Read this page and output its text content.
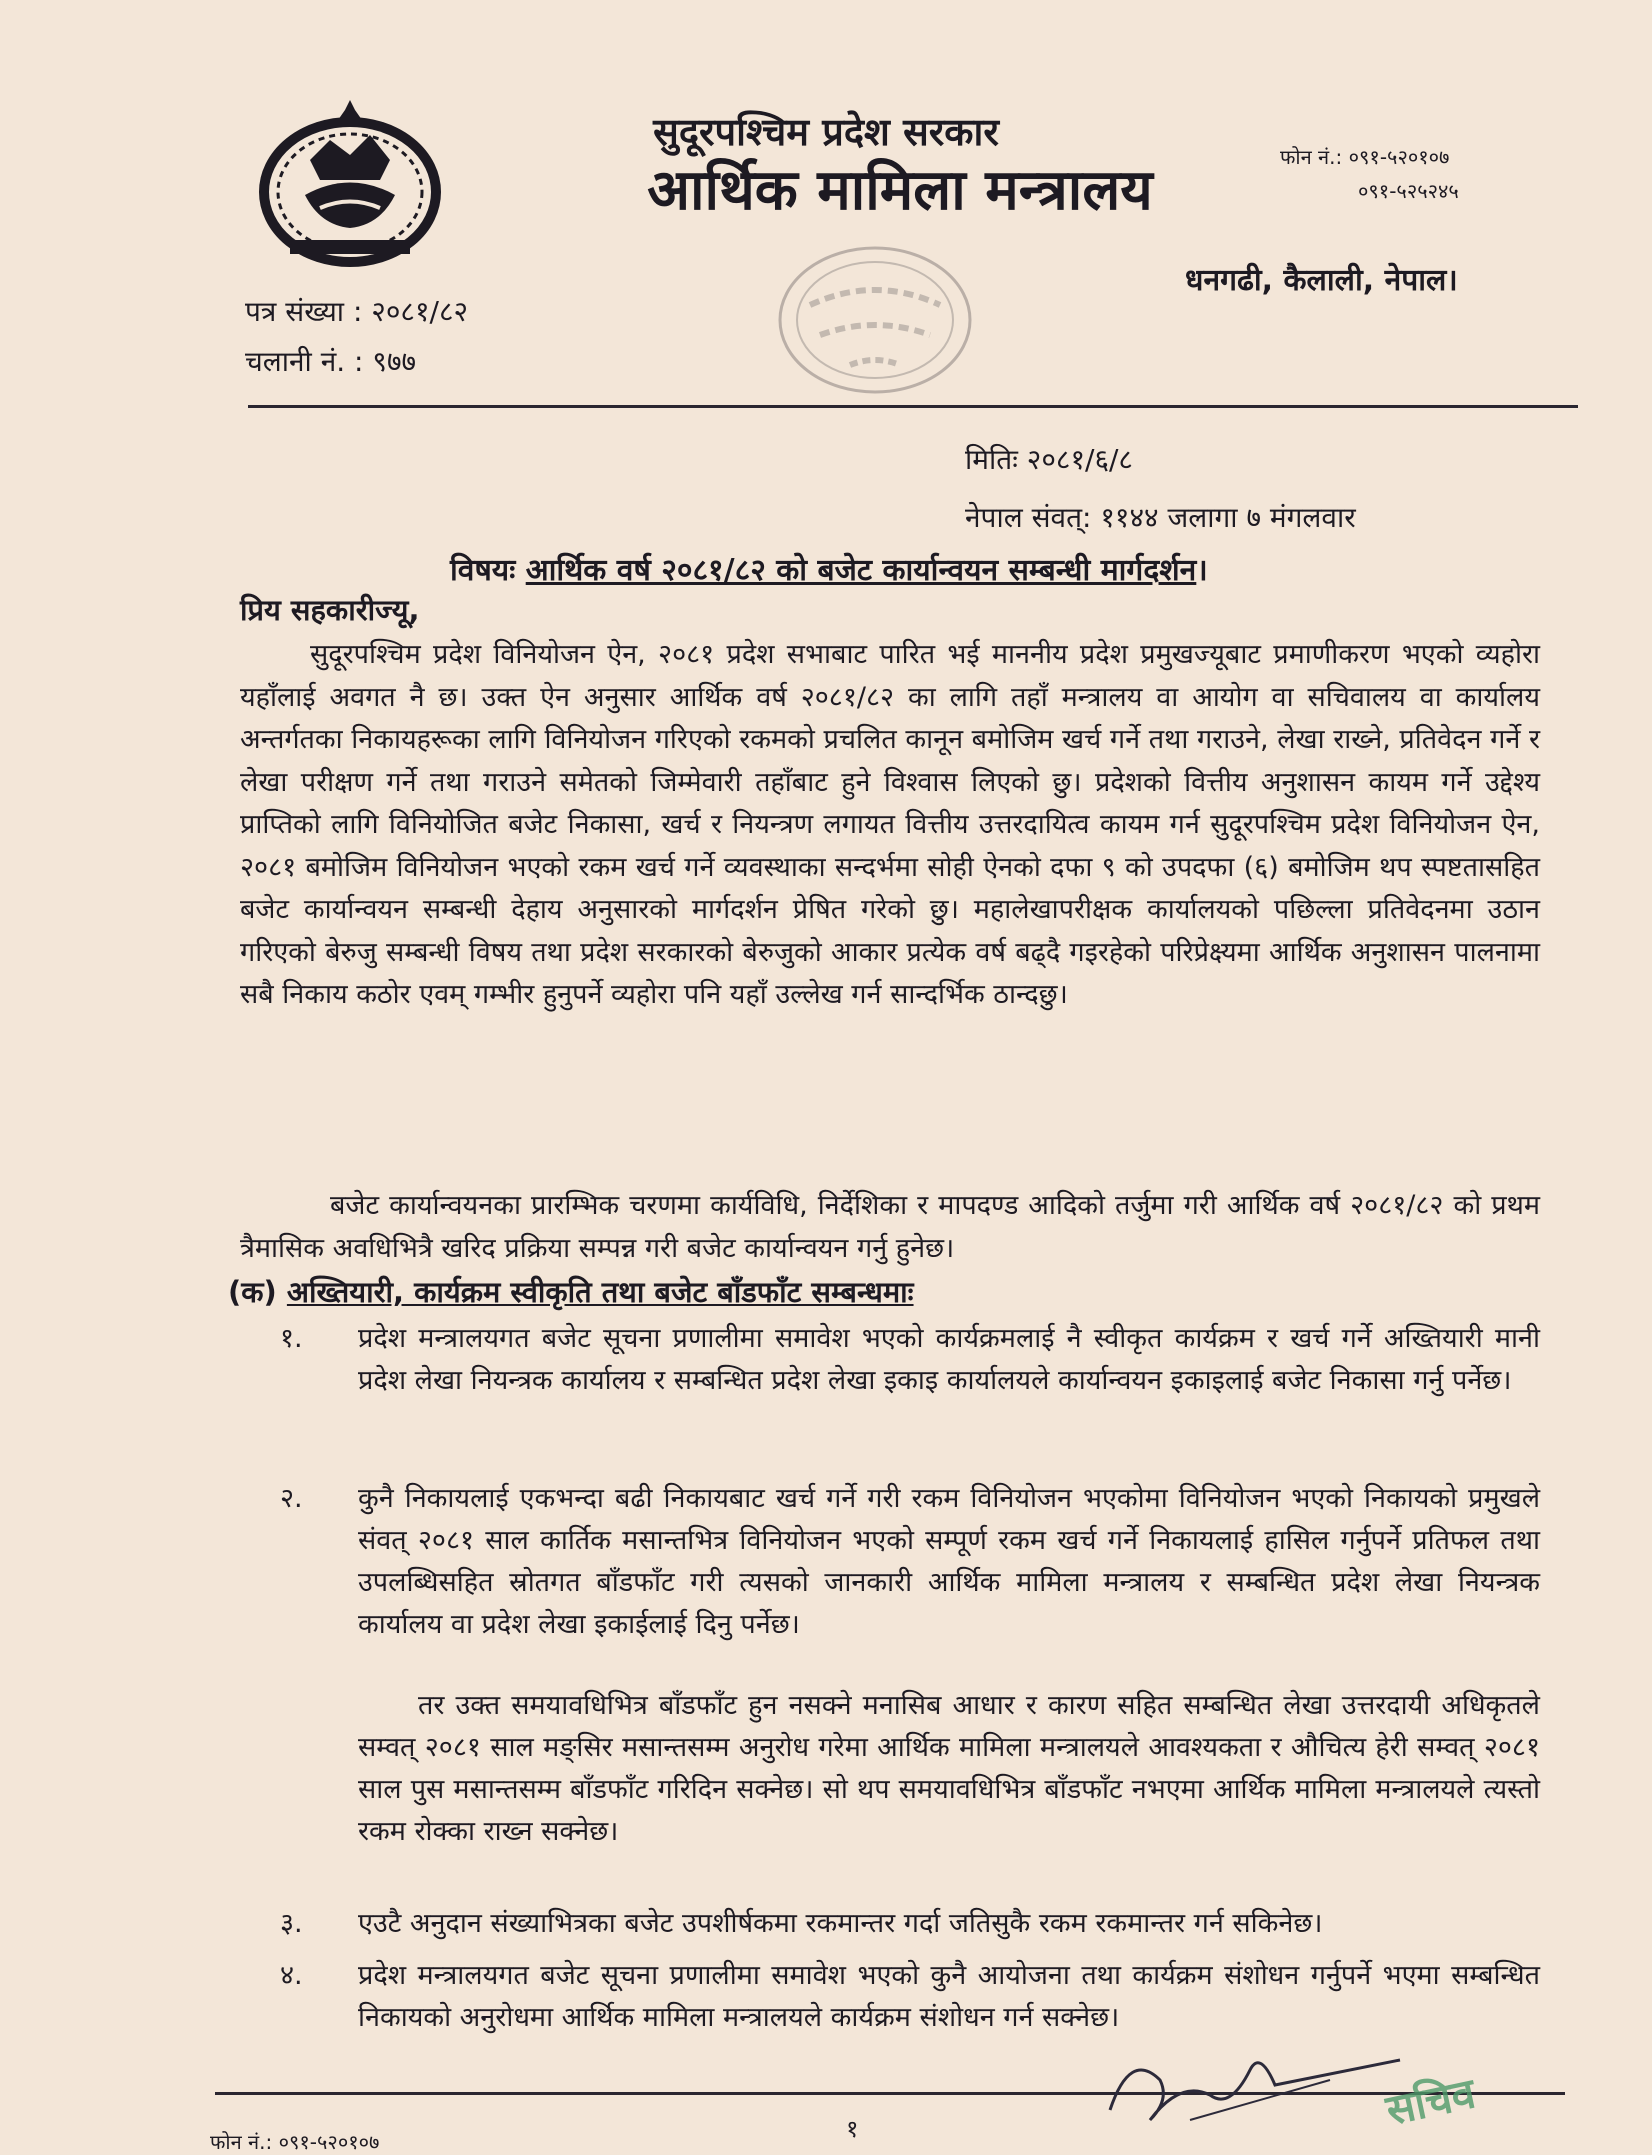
सुदूरपश्चिम प्रदेश सरकार
आर्थिक मामिला मन्त्रालय
फोन नं.: ०९१-५२०१०७
०९१-५२५२४५
धनगढी, कैलाली, नेपाल।
पत्र संख्या : २०८१/८२
चलानी नं. : ९७७
मितिः २०८१/६/८
नेपाल संवत्: ११४४ जलागा ७ मंगलवार
विषयः आर्थिक वर्ष २०८१/८२ को बजेट कार्यान्वयन सम्बन्धी मार्गदर्शन।
प्रिय सहकारीज्यू,
सुदूरपश्चिम प्रदेश विनियोजन ऐन, २०८१ प्रदेश सभाबाट पारित भई माननीय प्रदेश प्रमुखज्यूबाट प्रमाणीकरण भएको व्यहोरा यहाँलाई अवगत नै छ। उक्त ऐन अनुसार आर्थिक वर्ष २०८१/८२ का लागि तहाँ मन्त्रालय वा आयोग वा सचिवालय वा कार्यालय अन्तर्गतका निकायहरूका लागि विनियोजन गरिएको रकमको प्रचलित कानून बमोजिम खर्च गर्ने तथा गराउने, लेखा राख्ने, प्रतिवेदन गर्ने र लेखा परीक्षण गर्ने तथा गराउने समेतको जिम्मेवारी तहाँबाट हुने विश्वास लिएको छु। प्रदेशको वित्तीय अनुशासन कायम गर्ने उद्देश्य प्राप्तिको लागि विनियोजित बजेट निकासा, खर्च र नियन्त्रण लगायत वित्तीय उत्तरदायित्व कायम गर्न सुदूरपश्चिम प्रदेश विनियोजन ऐन, २०८१ बमोजिम विनियोजन भएको रकम खर्च गर्ने व्यवस्थाका सन्दर्भमा सोही ऐनको दफा ९ को उपदफा (६) बमोजिम थप स्पष्टतासहित बजेट कार्यान्वयन सम्बन्धी देहाय अनुसारको मार्गदर्शन प्रेषित गरेको छु। महालेखापरीक्षक कार्यालयको पछिल्ला प्रतिवेदनमा उठान गरिएको बेरुजु सम्बन्धी विषय तथा प्रदेश सरकारको बेरुजुको आकार प्रत्येक वर्ष बढ्दै गइरहेको परिप्रेक्ष्यमा आर्थिक अनुशासन पालनामा सबै निकाय कठोर एवम् गम्भीर हुनुपर्ने व्यहोरा पनि यहाँ उल्लेख गर्न सान्दर्भिक ठान्दछु।
बजेट कार्यान्वयनका प्रारम्भिक चरणमा कार्यविधि, निर्देशिका र मापदण्ड आदिको तर्जुमा गरी आर्थिक वर्ष २०८१/८२ को प्रथम त्रैमासिक अवधिभित्रै खरिद प्रक्रिया सम्पन्न गरी बजेट कार्यान्वयन गर्नु हुनेछ।
(क) अख्तियारी, कार्यक्रम स्वीकृति तथा बजेट बाँडफाँट सम्बन्धमाः
१.	प्रदेश मन्त्रालयगत बजेट सूचना प्रणालीमा समावेश भएको कार्यक्रमलाई नै स्वीकृत कार्यक्रम र खर्च गर्ने अख्तियारी मानी प्रदेश लेखा नियन्त्रक कार्यालय र सम्बन्धित प्रदेश लेखा इकाइ कार्यालयले कार्यान्वयन इकाइलाई बजेट निकासा गर्नु पर्नेछ।
२.	कुनै निकायलाई एकभन्दा बढी निकायबाट खर्च गर्ने गरी रकम विनियोजन भएकोमा विनियोजन भएको निकायको प्रमुखले संवत् २०८१ साल कार्तिक मसान्तभित्र विनियोजन भएको सम्पूर्ण रकम खर्च गर्ने निकायलाई हासिल गर्नुपर्ने प्रतिफल तथा उपलब्धिसहित स्रोतगत बाँडफाँट गरी त्यसको जानकारी आर्थिक मामिला मन्त्रालय र सम्बन्धित प्रदेश लेखा नियन्त्रक कार्यालय वा प्रदेश लेखा इकाईलाई दिनु पर्नेछ।
तर उक्त समयावधिभित्र बाँडफाँट हुन नसक्ने मनासिब आधार र कारण सहित सम्बन्धित लेखा उत्तरदायी अधिकृतले सम्वत् २०८१ साल मङ्सिर मसान्तसम्म अनुरोध गरेमा आर्थिक मामिला मन्त्रालयले आवश्यकता र औचित्य हेरी सम्वत् २०८१ साल पुस मसान्तसम्म बाँडफाँट गरिदिन सक्नेछ। सो थप समयावधिभित्र बाँडफाँट नभएमा आर्थिक मामिला मन्त्रालयले त्यस्तो रकम रोक्का राख्न सक्नेछ।
३.	एउटै अनुदान संख्याभित्रका बजेट उपशीर्षकमा रकमान्तर गर्दा जतिसुकै रकम रकमान्तर गर्न सकिनेछ।
४.	प्रदेश मन्त्रालयगत बजेट सूचना प्रणालीमा समावेश भएको कुनै आयोजना तथा कार्यक्रम संशोधन गर्नुपर्ने भएमा सम्बन्धित निकायको अनुरोधमा आर्थिक मामिला मन्त्रालयले कार्यक्रम संशोधन गर्न सक्नेछ।
१
फोन नं.: ०९१-५२०१०७
सचिव
